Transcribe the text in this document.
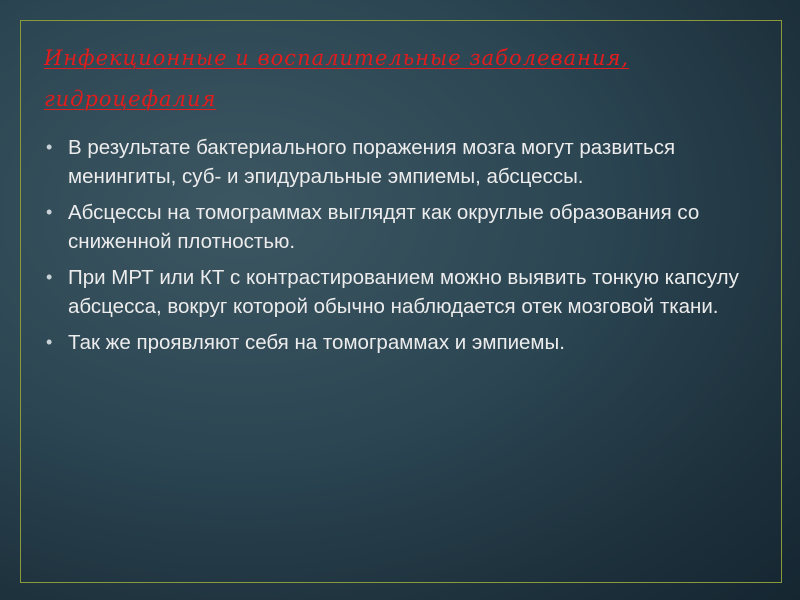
Инфекционные и воспалительные заболевания, гидроцефалия
• В результате бактериального поражения мозга могут развиться менингиты, суб- и эпидуральные эмпиемы, абсцессы.
• Абсцессы на томограммах выглядят как округлые образования со сниженной плотностью.
• При МРТ или КТ с контрастированием можно выявить тонкую капсулу абсцесса, вокруг которой обычно наблюдается отек мозговой ткани.
• Так же проявляют себя на томограммах и эмпиемы.
